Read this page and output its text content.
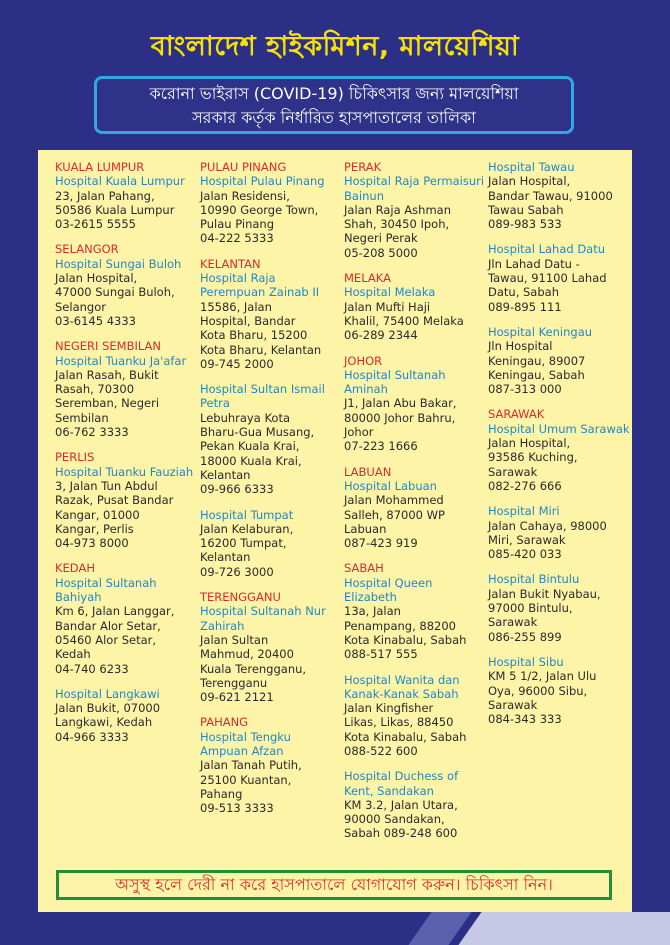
বাংলাদেশ হাইকমিশন, মালয়েশিয়া
করোনা ভাইরাস (COVID-19) চিকিৎসার জন্য মালয়েশিয়া
সরকার কর্তৃক নির্ধারিত হাসপাতালের তালিকা
KUALA LUMPUR
Hospital Kuala Lumpur
23, Jalan Pahang,
50586 Kuala Lumpur
03-2615 5555
SELANGOR
Hospital Sungai Buloh
Jalan Hospital,
47000 Sungai Buloh,
Selangor
03-6145 4333
NEGERI SEMBILAN
Hospital Tuanku Ja'afar
Jalan Rasah, Bukit
Rasah, 70300
Seremban, Negeri
Sembilan
06-762 3333
PERLIS
Hospital Tuanku Fauziah
3, Jalan Tun Abdul
Razak, Pusat Bandar
Kangar, 01000
Kangar, Perlis
04-973 8000
KEDAH
Hospital Sultanah Bahiyah
Km 6, Jalan Langgar,
Bandar Alor Setar,
05460 Alor Setar,
Kedah
04-740 6233
Hospital Langkawi
Jalan Bukit, 07000
Langkawi, Kedah
04-966 3333
PULAU PINANG
Hospital Pulau Pinang
Jalan Residensi,
10990 George Town,
Pulau Pinang
04-222 5333
KELANTAN
Hospital Raja Perempuan Zainab II
15586, Jalan
Hospital, Bandar
Kota Bharu, 15200
Kota Bharu, Kelantan
09-745 2000
Hospital Sultan Ismail Petra
Lebuhraya Kota
Bharu-Gua Musang,
Pekan Kuala Krai,
18000 Kuala Krai,
Kelantan
09-966 6333
Hospital Tumpat
Jalan Kelaburan,
16200 Tumpat,
Kelantan
09-726 3000
TERENGGANU
Hospital Sultanah Nur Zahirah
Jalan Sultan
Mahmud, 20400
Kuala Terengganu,
Terengganu
09-621 2121
PAHANG
Hospital Tengku Ampuan Afzan
Jalan Tanah Putih,
25100 Kuantan,
Pahang
09-513 3333
PERAK
Hospital Raja Permaisuri Bainun
Jalan Raja Ashman
Shah, 30450 Ipoh,
Negeri Perak
05-208 5000
MELAKA
Hospital Melaka
Jalan Mufti Haji
Khalil, 75400 Melaka
06-289 2344
JOHOR
Hospital Sultanah Aminah
J1, Jalan Abu Bakar,
80000 Johor Bahru,
Johor
07-223 1666
LABUAN
Hospital Labuan
Jalan Mohammed
Salleh, 87000 WP
Labuan
087-423 919
SABAH
Hospital Queen Elizabeth
13a, Jalan
Penampang, 88200
Kota Kinabalu, Sabah
088-517 555
Hospital Wanita dan Kanak-Kanak Sabah
Jalan Kingfisher
Likas, Likas, 88450
Kota Kinabalu, Sabah
088-522 600
Hospital Duchess of Kent, Sandakan
KM 3.2, Jalan Utara,
90000 Sandakan,
Sabah 089-248 600
Hospital Tawau
Jalan Hospital,
Bandar Tawau, 91000
Tawau Sabah
089-983 533
Hospital Lahad Datu
Jln Lahad Datu -
Tawau, 91100 Lahad
Datu, Sabah
089-895 111
Hospital Keningau
Jln Hospital
Keningau, 89007
Keningau, Sabah
087-313 000
SARAWAK
Hospital Umum Sarawak
Jalan Hospital,
93586 Kuching,
Sarawak
082-276 666
Hospital Miri
Jalan Cahaya, 98000
Miri, Sarawak
085-420 033
Hospital Bintulu
Jalan Bukit Nyabau,
97000 Bintulu,
Sarawak
086-255 899
Hospital Sibu
KM 5 1/2, Jalan Ulu
Oya, 96000 Sibu,
Sarawak
084-343 333
অসুস্থ হলে দেরী না করে হাসপাতালে যোগাযোগ করুন। চিকিৎসা নিন।
